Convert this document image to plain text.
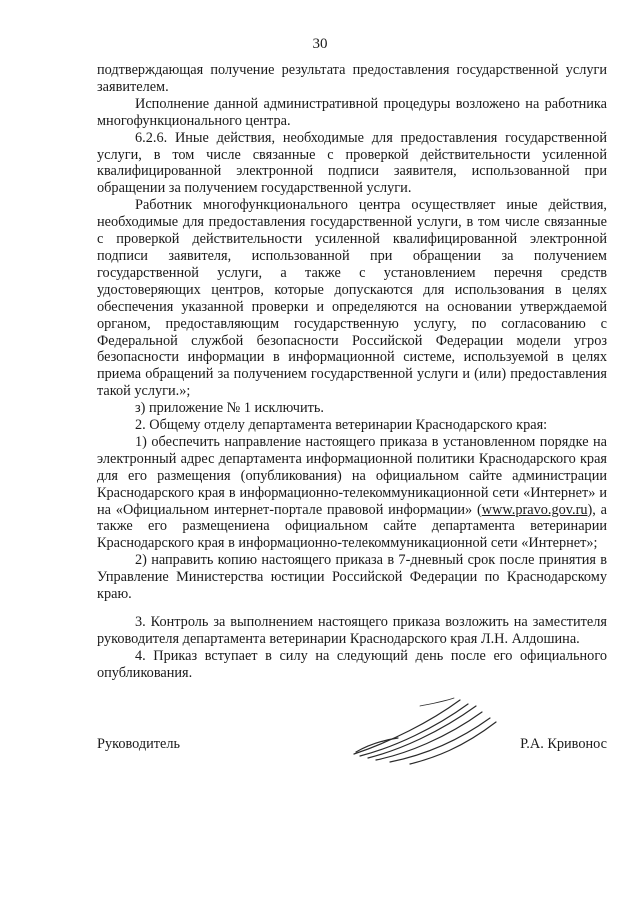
30

подтверждающая получение результата предоставления государственной услуги заявителем.

Исполнение данной административной процедуры возложено на работника многофункционального центра.

6.2.6. Иные действия, необходимые для предоставления государственной услуги, в том числе связанные с проверкой действительности усиленной квалифицированной электронной подписи заявителя, использованной при обращении за получением государственной услуги.

Работник многофункционального центра осуществляет иные действия, необходимые для предоставления государственной услуги, в том числе связанные с проверкой действительности усиленной квалифицированной электронной подписи заявителя, использованной при обращении за получением государственной услуги, а также с установлением перечня средств удостоверяющих центров, которые допускаются для использования в целях обеспечения указанной проверки и определяются на основании утверждаемой органом, предоставляющим государственную услугу, по согласованию с Федеральной службой безопасности Российской Федерации модели угроз безопасности информации в информационной системе, используемой в целях приема обращений за получением государственной услуги и (или) предоставления такой услуги.»;

з) приложение № 1 исключить.

2. Общему отделу департамента ветеринарии Краснодарского края:

1) обеспечить направление настоящего приказа в установленном порядке на электронный адрес департамента информационной политики Краснодарского края для его размещения (опубликования) на официальном сайте администрации Краснодарского края в информационно-телекоммуникационной сети «Интернет» и на «Официальном интернет-портале правовой информации» (www.pravo.gov.ru), а также его размещениена официальном сайте департамента ветеринарии Краснодарского края в информационно-телекоммуникационной сети «Интернет»;

2) направить копию настоящего приказа в 7-дневный срок после принятия в Управление Министерства юстиции Российской Федерации по Краснодарскому краю.

3. Контроль за выполнением настоящего приказа возложить на заместителя руководителя департамента ветеринарии Краснодарского края Л.Н. Алдошина.

4. Приказ вступает в силу на следующий день после его официального опубликования.

Руководитель	Р.А. Кривонос
